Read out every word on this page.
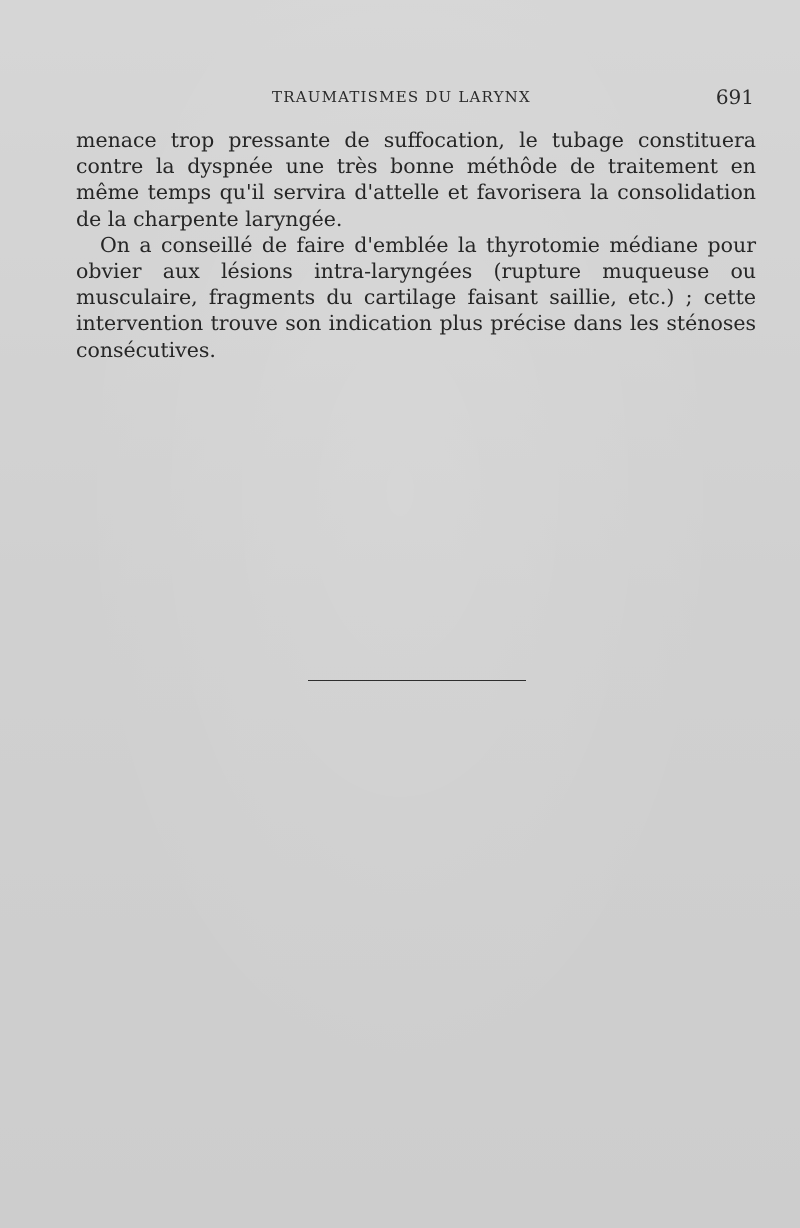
TRAUMATISMES DU LARYNX	691

menace trop pressante de suffocation, le tubage constituera contre la dyspnée une très bonne méthôde de traitement en même temps qu'il servira d'attelle et favorisera la consolidation de la charpente laryngée.

On a conseillé de faire d'emblée la thyrotomie médiane pour obvier aux lésions intra-laryngées (rupture muqueuse ou musculaire, fragments du cartilage faisant saillie, etc.) ; cette intervention trouve son indication plus précise dans les sténoses consécutives.
